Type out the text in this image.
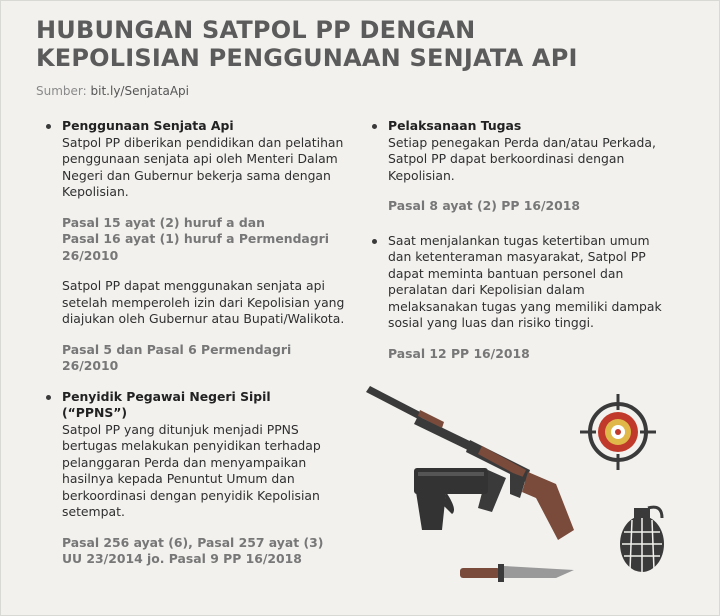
HUBUNGAN SATPOL PP DENGAN
KEPOLISIAN PENGGUNAAN SENJATA API
Sumber: bit.ly/SenjataApi
Penggunaan Senjata Api
Satpol PP diberikan pendidikan dan pelatihan penggunaan senjata api oleh Menteri Dalam Negeri dan Gubernur bekerja sama dengan Kepolisian.
Pasal 15 ayat (2) huruf a dan
Pasal 16 ayat (1) huruf a Permendagri
26/2010
Satpol PP dapat menggunakan senjata api setelah memperoleh izin dari Kepolisian yang diajukan oleh Gubernur atau Bupati/Walikota.
Pasal 5 dan Pasal 6 Permendagri
26/2010
Penyidik Pegawai Negeri Sipil
(“PPNS”)
Satpol PP yang ditunjuk menjadi PPNS bertugas melakukan penyidikan terhadap pelanggaran Perda dan menyampaikan hasilnya kepada Penuntut Umum dan berkoordinasi dengan penyidik Kepolisian setempat.
Pasal 256 ayat (6), Pasal 257 ayat (3)
UU 23/2014 jo. Pasal 9 PP 16/2018
Pelaksanaan Tugas
Setiap penegakan Perda dan/atau Perkada, Satpol PP dapat berkoordinasi dengan Kepolisian.
Pasal 8 ayat (2) PP 16/2018
Saat menjalankan tugas ketertiban umum dan ketenteraman masyarakat, Satpol PP dapat meminta bantuan personel dan peralatan dari Kepolisian dalam melaksanakan tugas yang memiliki dampak sosial yang luas dan risiko tinggi.
Pasal 12 PP 16/2018
